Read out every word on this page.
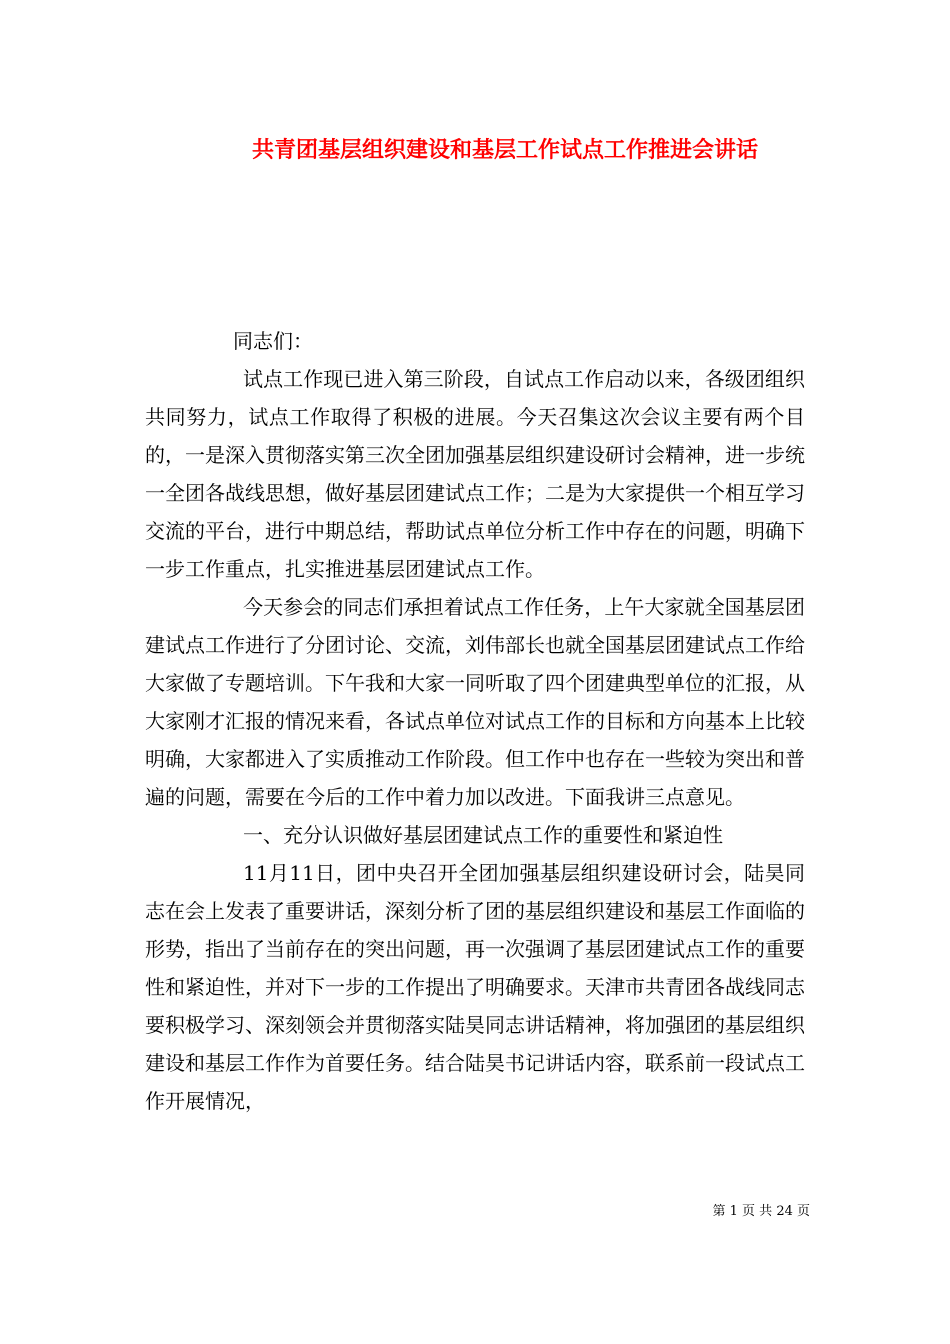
共青团基层组织建设和基层工作试点工作推进会讲话

同志们：

试点工作现已进入第三阶段，自试点工作启动以来，各级团组织共同努力，试点工作取得了积极的进展。今天召集这次会议主要有两个目的，一是深入贯彻落实第三次全团加强基层组织建设研讨会精神，进一步统一全团各战线思想，做好基层团建试点工作；二是为大家提供一个相互学习交流的平台，进行中期总结，帮助试点单位分析工作中存在的问题，明确下一步工作重点，扎实推进基层团建试点工作。

今天参会的同志们承担着试点工作任务，上午大家就全国基层团建试点工作进行了分团讨论、交流，刘伟部长也就全国基层团建试点工作给大家做了专题培训。下午我和大家一同听取了四个团建典型单位的汇报，从大家刚才汇报的情况来看，各试点单位对试点工作的目标和方向基本上比较明确，大家都进入了实质推动工作阶段。但工作中也存在一些较为突出和普遍的问题，需要在今后的工作中着力加以改进。下面我讲三点意见。

一、充分认识做好基层团建试点工作的重要性和紧迫性

11月11日，团中央召开全团加强基层组织建设研讨会，陆昊同志在会上发表了重要讲话，深刻分析了团的基层组织建设和基层工作面临的形势，指出了当前存在的突出问题，再一次强调了基层团建试点工作的重要性和紧迫性，并对下一步的工作提出了明确要求。天津市共青团各战线同志要积极学习、深刻领会并贯彻落实陆昊同志讲话精神，将加强团的基层组织建设和基层工作作为首要任务。结合陆昊书记讲话内容，联系前一段试点工作开展情况，

第 1 页 共 24 页
